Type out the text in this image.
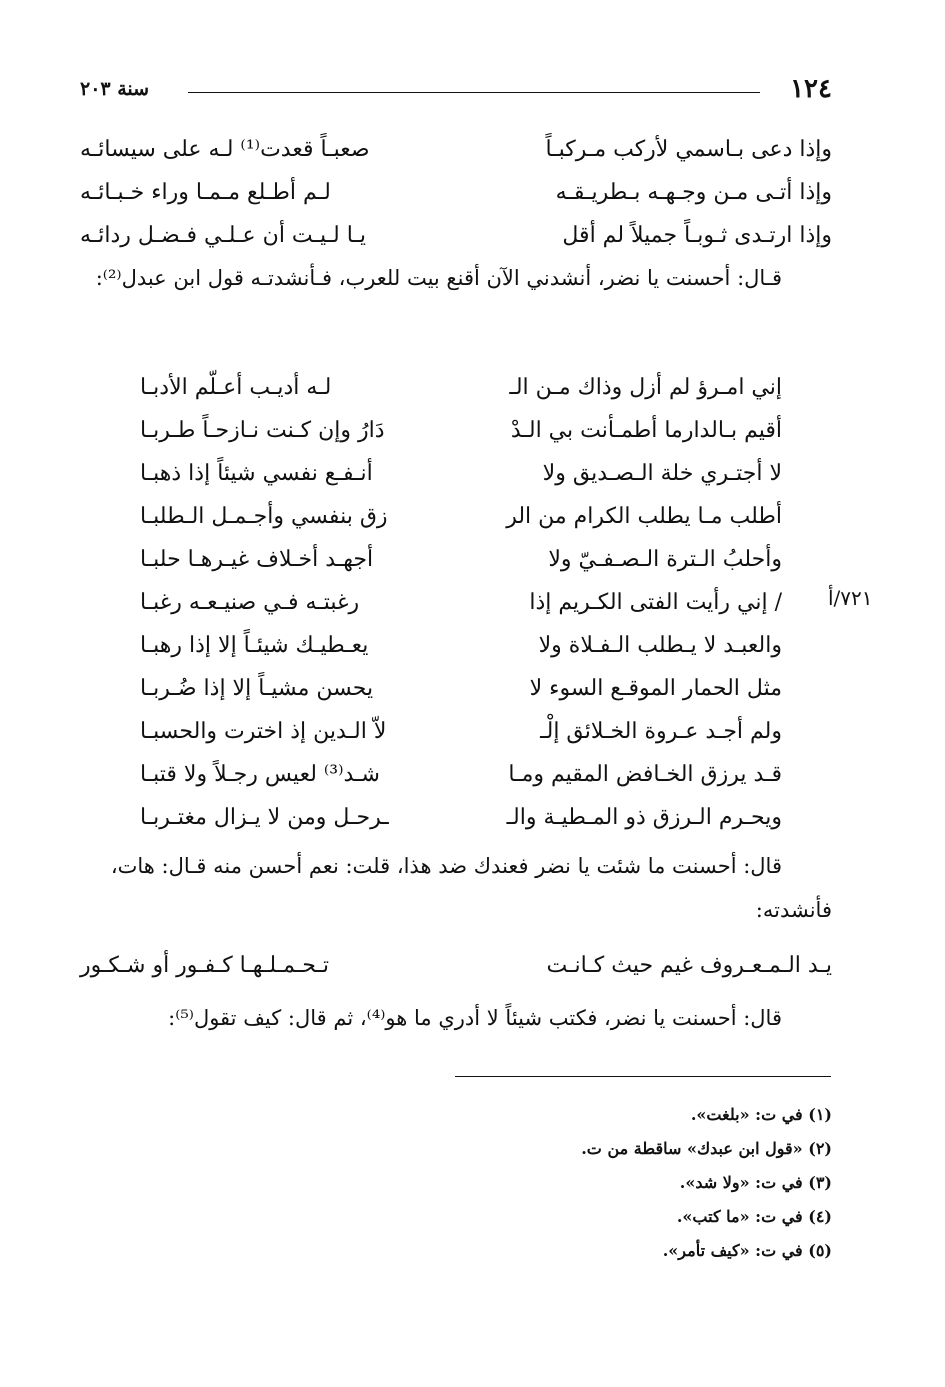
١٢٤
سنة ٢٠٣
وإذا دعى بـاسمي لأركب مـركبـاً
صعبـاً قعدت⁽¹⁾ لـه على سيسائـه
وإذا أتـى مـن وجـهـه بـطريـقـه
لـم أطـلع مـمـا وراء خـبـائـه
وإذا ارتـدى ثـوبـاً جميلاً لم أقل
يـا لـيـت أن عـلـي فـضـل ردائـه

قـال: أحسنت يا نضر، أنشدني الآن أقنع بيت للعرب، فـأنشدتـه قول ابن عبدل⁽²⁾:

إني امـرؤ لم أزل وذاك مـن الـ
لـه أديـب أعـلّم الأدبـا
أقيم بـالدارما أطمـأنت بي الـدْ
دَارُ وإن كـنت نـازحـاً طـربـا
لا أجتـري خلة الـصـديق ولا
أنـفـع نفسي شيئاً إذا ذهبـا
أطلب مـا يطلب الكرام من الر
زق بنفسي وأجـمـل الـطلبـا
وأحلبُ الـترة الـصـفـيّ ولا
أجهـد أخـلاف غيـرهـا حلبـا
/ إني رأيت الفتى الكـريم إذا
رغبتـه فـي صنيـعـه رغبـا
والعبـد لا يـطلب الـفـلاة ولا
يعـطيـك شيئـاً إلا إذا رهبـا
مثل الحمار الموقـع السوء لا
يحسن مشيـاً إلا إذا ضُـربـا
ولم أجـد عـروة الخـلائق إلْـ
لاّ الـدين إذ اخترت والحسبـا
قـد يرزق الخـافض المقيم ومـا
شـد⁽³⁾ لعيس رجـلاً ولا قتبـا
ويحـرم الـرزق ذو المـطيـة والـ
ـرحـل ومن لا يـزال مغتـربـا
٧٢١/أ

قال: أحسنت ما شئت يا نضر فعندك ضد هذا، قلت: نعم أحسن منه قـال: هات، فأنشدته:

يـد الـمـعـروف غيم حيث كـانـت
تـحـمـلـهـا كـفـور أو شـكـور

قال: أحسنت يا نضر، فكتب شيئاً لا أدري ما هو⁽⁴⁾، ثم قال: كيف تقول⁽⁵⁾:

(١) في ت: «بلغت».
(٢) «قول ابن عبدك» ساقطة من ت.
(٣) في ت: «ولا شد».
(٤) في ت: «ما كتب».
(٥) في ت: «كيف تأمر».
